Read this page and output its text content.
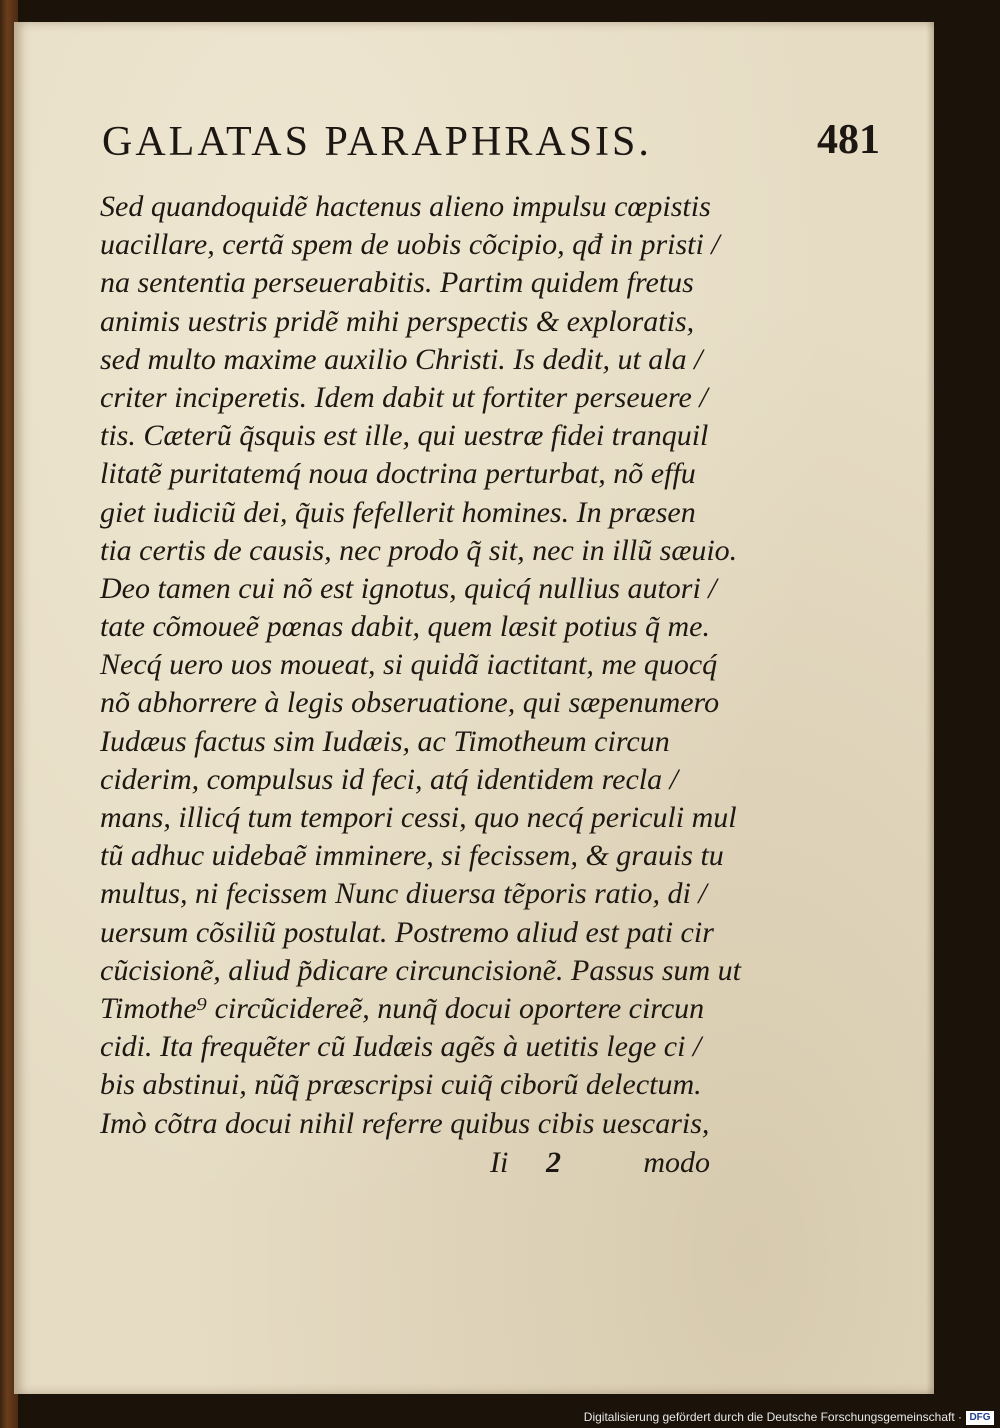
GALATAS PARAPHRASIS.	481
Sed quandoquidẽ hactenus alieno impulsu cœpistis
uacillare, certã spem de uobis cõcipio, qđ in pristi /
na sententia perseuerabitis. Partim quidem fretus
animis uestris pridẽ mihi perspectis & exploratis,
sed multo maxime auxilio Christi. Is dedit, ut ala /
criter inciperetis. Idem dabit ut fortiter perseuere /
tis. Cæterũ q̃squis est ille, qui uestræ fidei tranquil
litatẽ puritatemq́ noua doctrina perturbat, nõ effu
giet iudiciũ dei, q̃uis fefellerit homines. In præsen
tia certis de causis, nec prodo q̃ sit, nec in illũ sæuio.
Deo tamen cui nõ est ignotus, quicq́ nullius autori /
tate cõmoueẽ pœnas dabit, quem læsit potius q̃ me.
Necq́ uero uos moueat, si quidã iactitant, me quocq́
nõ abhorrere à legis obseruatione, qui sæpenumero
Iudæus factus sim Iudæis, ac Timotheum circun
ciderim, compulsus id feci, atq́ identidem recla /
mans, illicq́ tum tempori cessi, quo necq́ periculi mul
tũ adhuc uidebaẽ imminere, si fecissem, & grauis tu
multus, ni fecissem Nunc diuersa tẽporis ratio, di /
uersum cõsiliũ postulat. Postremo aliud est pati cir
cũcisionẽ, aliud p̃dicare circuncisionẽ. Passus sum ut
Timothe⁹ circũcidereẽ, nunq̃ docui oportere circun
cidi. Ita frequẽter cũ Iudæis agẽs à uetitis lege ci /
bis abstinui, nũq̃ præscripsi cuiq̃ ciborũ delectum.
Imò cõtra docui nihil referre quibus cibis uescaris,
Ii 2	modo
Digitalisierung gefördert durch die Deutsche Forschungsgemeinschaft · DFG
